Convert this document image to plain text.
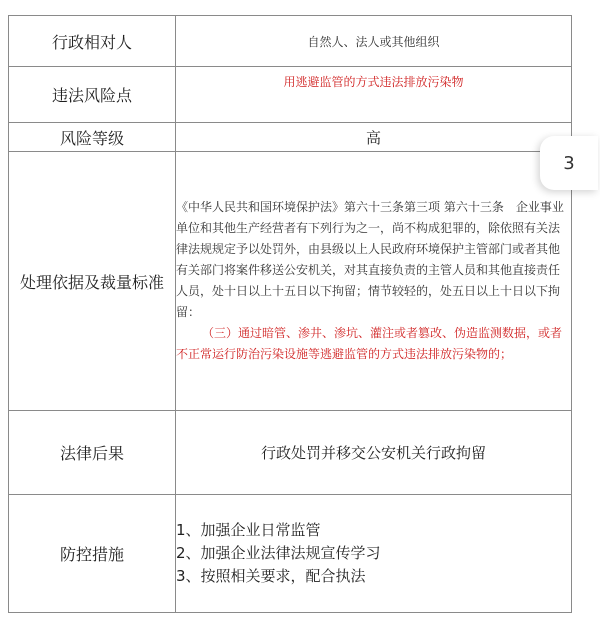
行政相对人	自然人、法人或其他组织
违法风险点	用逃避监管的方式违法排放污染物
风险等级	高
处理依据及裁量标准	《中华人民共和国环境保护法》第六十三条第三项 第六十三条　企业事业单位和其他生产经营者有下列行为之一，尚不构成犯罪的，除依照有关法律法规规定予以处罚外，由县级以上人民政府环境保护主管部门或者其他有关部门将案件移送公安机关，对其直接负责的主管人员和其他直接责任人员，处十日以上十五日以下拘留；情节较轻的，处五日以上十日以下拘留：

（三）通过暗管、渗井、渗坑、灌注或者篡改、伪造监测数据，或者不正常运行防治污染设施等逃避监管的方式违法排放污染物的；

法律后果	行政处罚并移交公安机关行政拘留
防控措施	1、加强企业日常监管
2、加强企业法律法规宣传学习
3、按照相关要求，配合执法
3
